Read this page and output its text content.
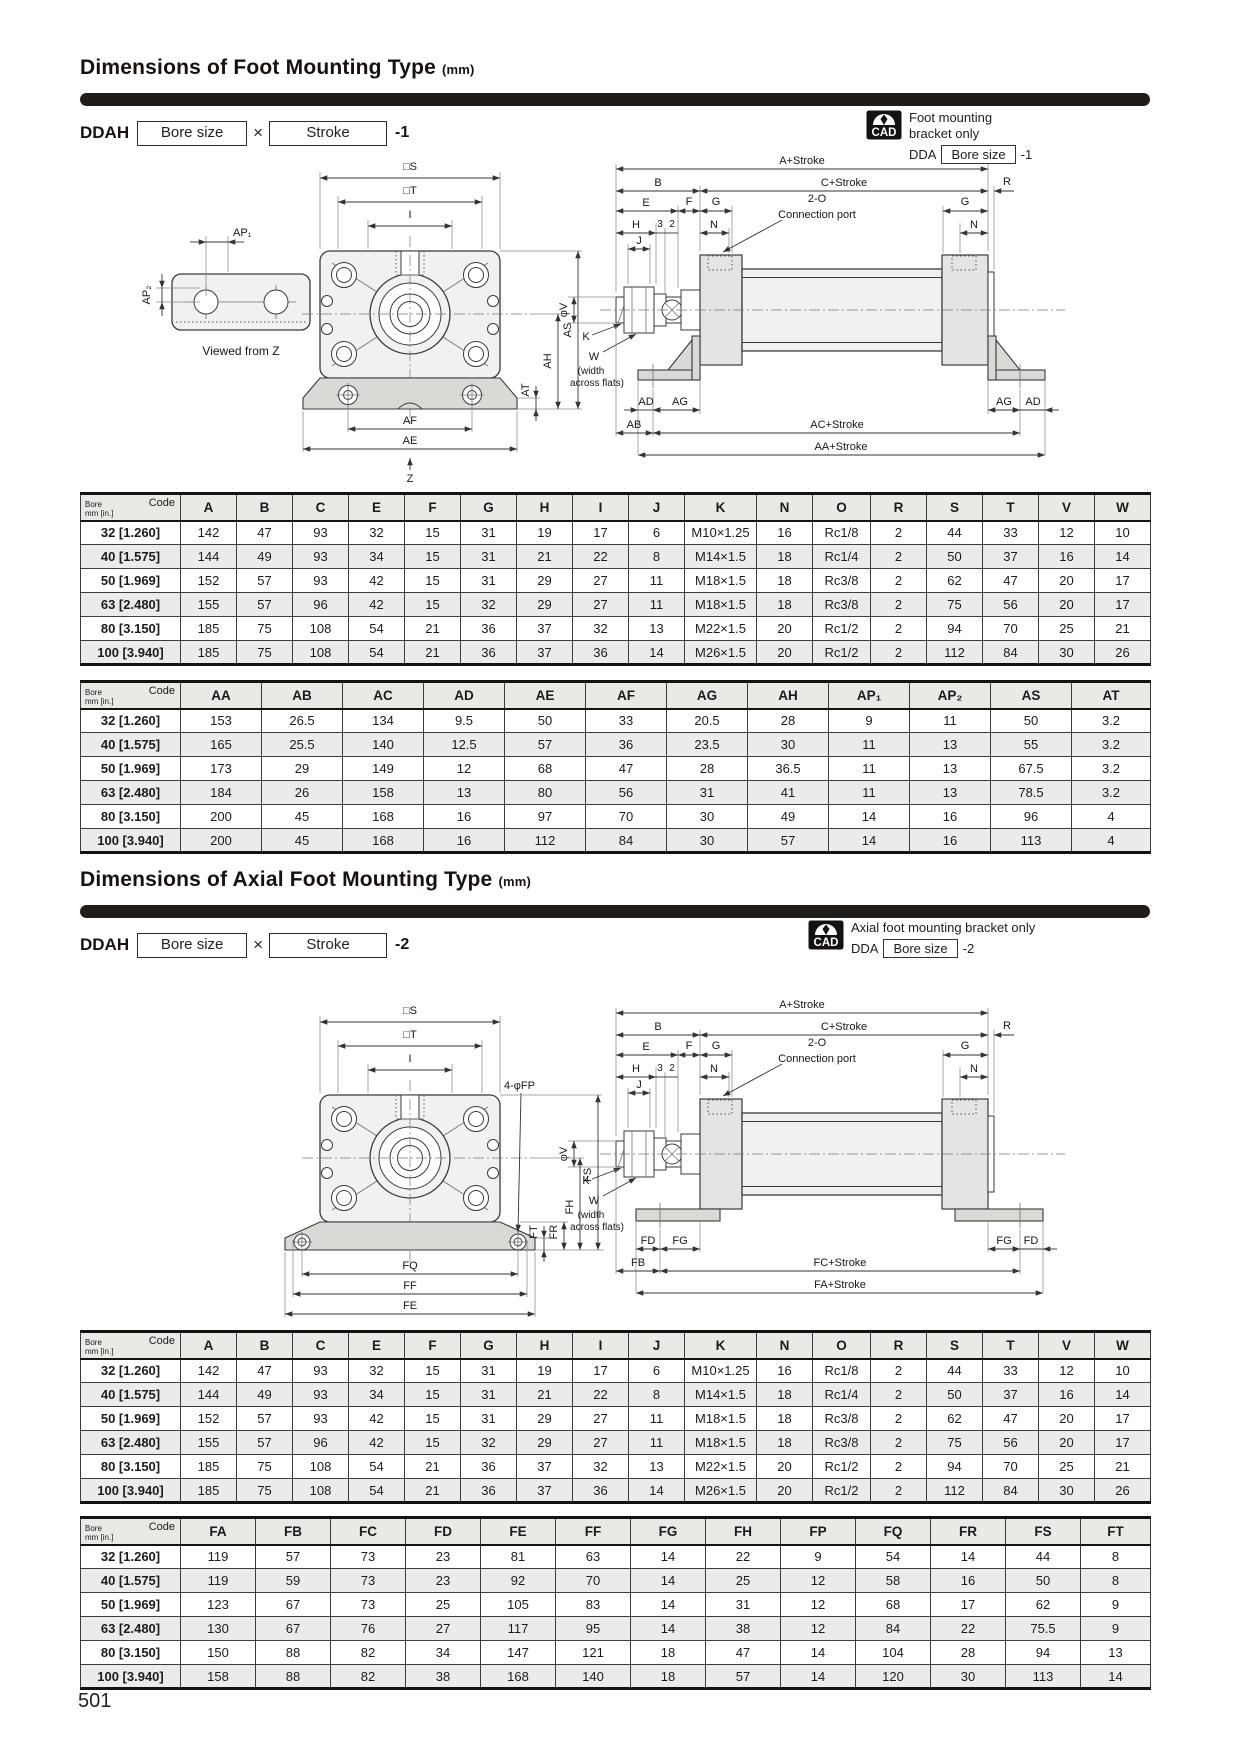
Dimensions of Foot Mounting Type (mm)
DDAH	Bore size	×	Stroke	-1	CAD
Foot mounting
bracket only
DDA	Bore size	-1
AP₁
AP₂
Viewed from Z
□S
□T
I
AT
AH
AS
AF
AE
Z
A+Stroke
B	C+Stroke	R
E	F G	G
2-O
Connection port
H 3 2	N	N
J
φV
K
W
(width
across flats)
AD AG	AG AD
AB	AC+Stroke
AA+Stroke
Code
Bore
mm [in.]	A	B	C	E	F	G	H	I	J	K	N	O	R	S	T	V	W
32 [1.260]	142	47	93	32	15	31	19	17	6	M10×1.25	16	Rc1/8	2	44	33	12	10
40 [1.575]	144	49	93	34	15	31	21	22	8	M14×1.5	18	Rc1/4	2	50	37	16	14
50 [1.969]	152	57	93	42	15	31	29	27	11	M18×1.5	18	Rc3/8	2	62	47	20	17
63 [2.480]	155	57	96	42	15	32	29	27	11	M18×1.5	18	Rc3/8	2	75	56	20	17
80 [3.150]	185	75	108	54	21	36	37	32	13	M22×1.5	20	Rc1/2	2	94	70	25	21
100 [3.940]	185	75	108	54	21	36	37	36	14	M26×1.5	20	Rc1/2	2	112	84	30	26
Code
Bore
mm [in.]	AA	AB	AC	AD	AE	AF	AG	AH	AP₁	AP₂	AS	AT
32 [1.260]	153	26.5	134	9.5	50	33	20.5	28	9	11	50	3.2
40 [1.575]	165	25.5	140	12.5	57	36	23.5	30	11	13	55	3.2
50 [1.969]	173	29	149	12	68	47	28	36.5	11	13	67.5	3.2
63 [2.480]	184	26	158	13	80	56	31	41	11	13	78.5	3.2
80 [3.150]	200	45	168	16	97	70	30	49	14	16	96	4
100 [3.940]	200	45	168	16	112	84	30	57	14	16	113	4
Dimensions of Axial Foot Mounting Type (mm)
DDAH	Bore size	×	Stroke	-2	CAD
Axial foot mounting bracket only
DDA	Bore size	-2
4-φFP
FQ
FF
FE
FT FR
FH
FS
FD FG	FG FD
FB	FC+Stroke
FA+Stroke
Code
Bore
mm [in.]	A	B	C	E	F	G	H	I	J	K	N	O	R	S	T	V	W
32 [1.260]	142	47	93	32	15	31	19	17	6	M10×1.25	16	Rc1/8	2	44	33	12	10
40 [1.575]	144	49	93	34	15	31	21	22	8	M14×1.5	18	Rc1/4	2	50	37	16	14
50 [1.969]	152	57	93	42	15	31	29	27	11	M18×1.5	18	Rc3/8	2	62	47	20	17
63 [2.480]	155	57	96	42	15	32	29	27	11	M18×1.5	18	Rc3/8	2	75	56	20	17
80 [3.150]	185	75	108	54	21	36	37	32	13	M22×1.5	20	Rc1/2	2	94	70	25	21
100 [3.940]	185	75	108	54	21	36	37	36	14	M26×1.5	20	Rc1/2	2	112	84	30	26
Code
Bore
mm [in.]	FA	FB	FC	FD	FE	FF	FG	FH	FP	FQ	FR	FS	FT
32 [1.260]	119	57	73	23	81	63	14	22	9	54	14	44	8
40 [1.575]	119	59	73	23	92	70	14	25	12	58	16	50	8
50 [1.969]	123	67	73	25	105	83	14	31	12	68	17	62	9
63 [2.480]	130	67	76	27	117	95	14	38	12	84	22	75.5	9
80 [3.150]	150	88	82	34	147	121	18	47	14	104	28	94	13
100 [3.940]	158	88	82	38	168	140	18	57	14	120	30	113	14
501
